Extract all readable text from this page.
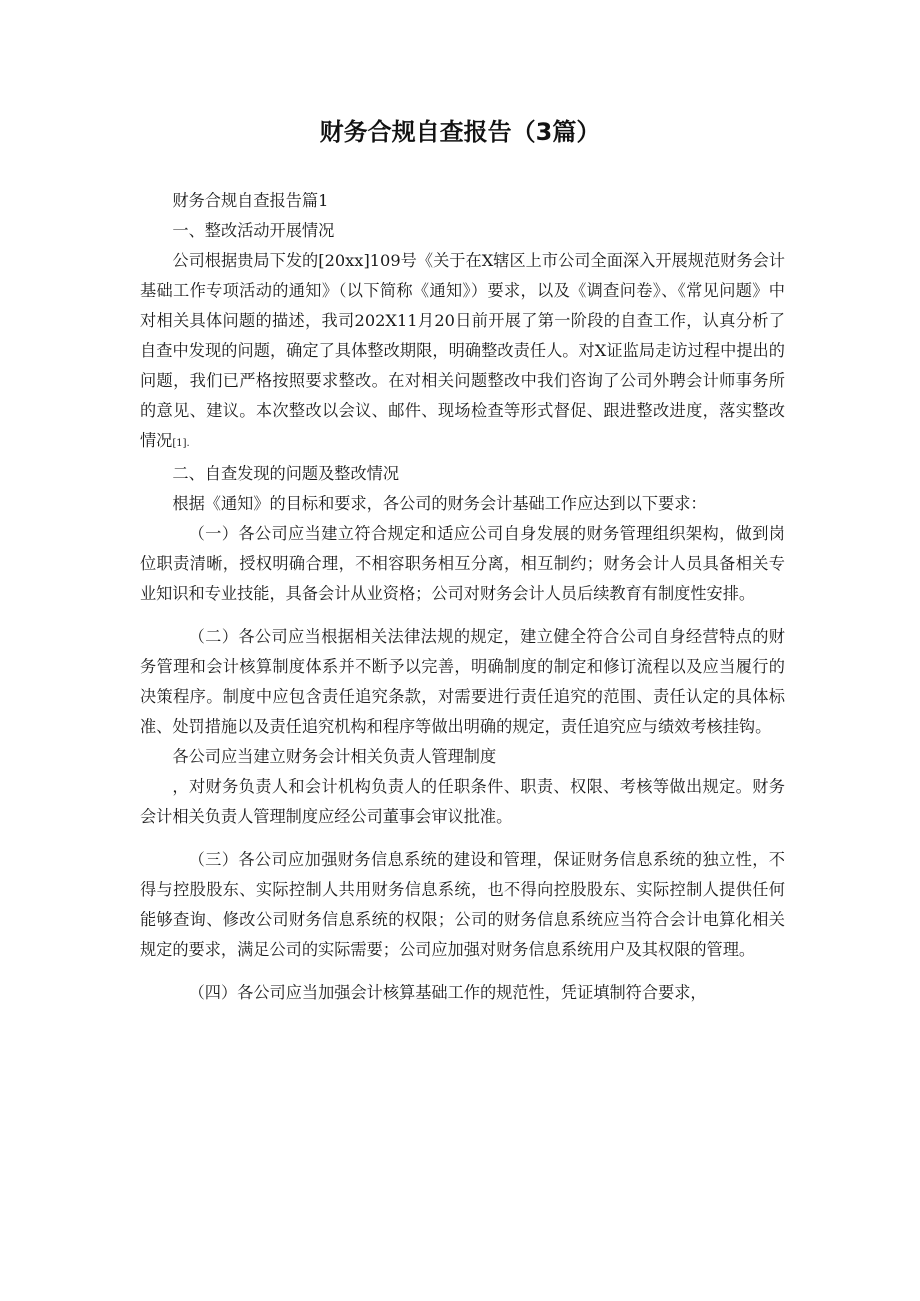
财务合规自查报告（3篇）

财务合规自查报告篇1

一、整改活动开展情况

公司根据贵局下发的[20xx]109号《关于在X辖区上市公司全面深入开展规范财务会计基础工作专项活动的通知》（以下简称《通知》）要求，以及《调查问卷》、《常见问题》中对相关具体问题的描述，我司202X11月20日前开展了第一阶段的自查工作，认真分析了自查中发现的问题，确定了具体整改期限，明确整改责任人。对X证监局走访过程中提出的问题，我们已严格按照要求整改。在对相关问题整改中我们咨询了公司外聘会计师事务所的意见、建议。本次整改以会议、邮件、现场检查等形式督促、跟进整改进度，落实整改情况[1].

二、自查发现的问题及整改情况

根据《通知》的目标和要求，各公司的财务会计基础工作应达到以下要求：

（一）各公司应当建立符合规定和适应公司自身发展的财务管理组织架构，做到岗位职责清晰，授权明确合理，不相容职务相互分离，相互制约；财务会计人员具备相关专业知识和专业技能，具备会计从业资格；公司对财务会计人员后续教育有制度性安排。

（二）各公司应当根据相关法律法规的规定，建立健全符合公司自身经营特点的财务管理和会计核算制度体系并不断予以完善，明确制度的制定和修订流程以及应当履行的决策程序。制度中应包含责任追究条款，对需要进行责任追究的范围、责任认定的具体标准、处罚措施以及责任追究机构和程序等做出明确的规定，责任追究应与绩效考核挂钩。

各公司应当建立财务会计相关负责人管理制度

，对财务负责人和会计机构负责人的任职条件、职责、权限、考核等做出规定。财务会计相关负责人管理制度应经公司董事会审议批准。

（三）各公司应加强财务信息系统的建设和管理，保证财务信息系统的独立性，不得与控股股东、实际控制人共用财务信息系统，也不得向控股股东、实际控制人提供任何能够查询、修改公司财务信息系统的权限；公司的财务信息系统应当符合会计电算化相关规定的要求，满足公司的实际需要；公司应加强对财务信息系统用户及其权限的管理。

（四）各公司应当加强会计核算基础工作的规范性，凭证填制符合要求，
